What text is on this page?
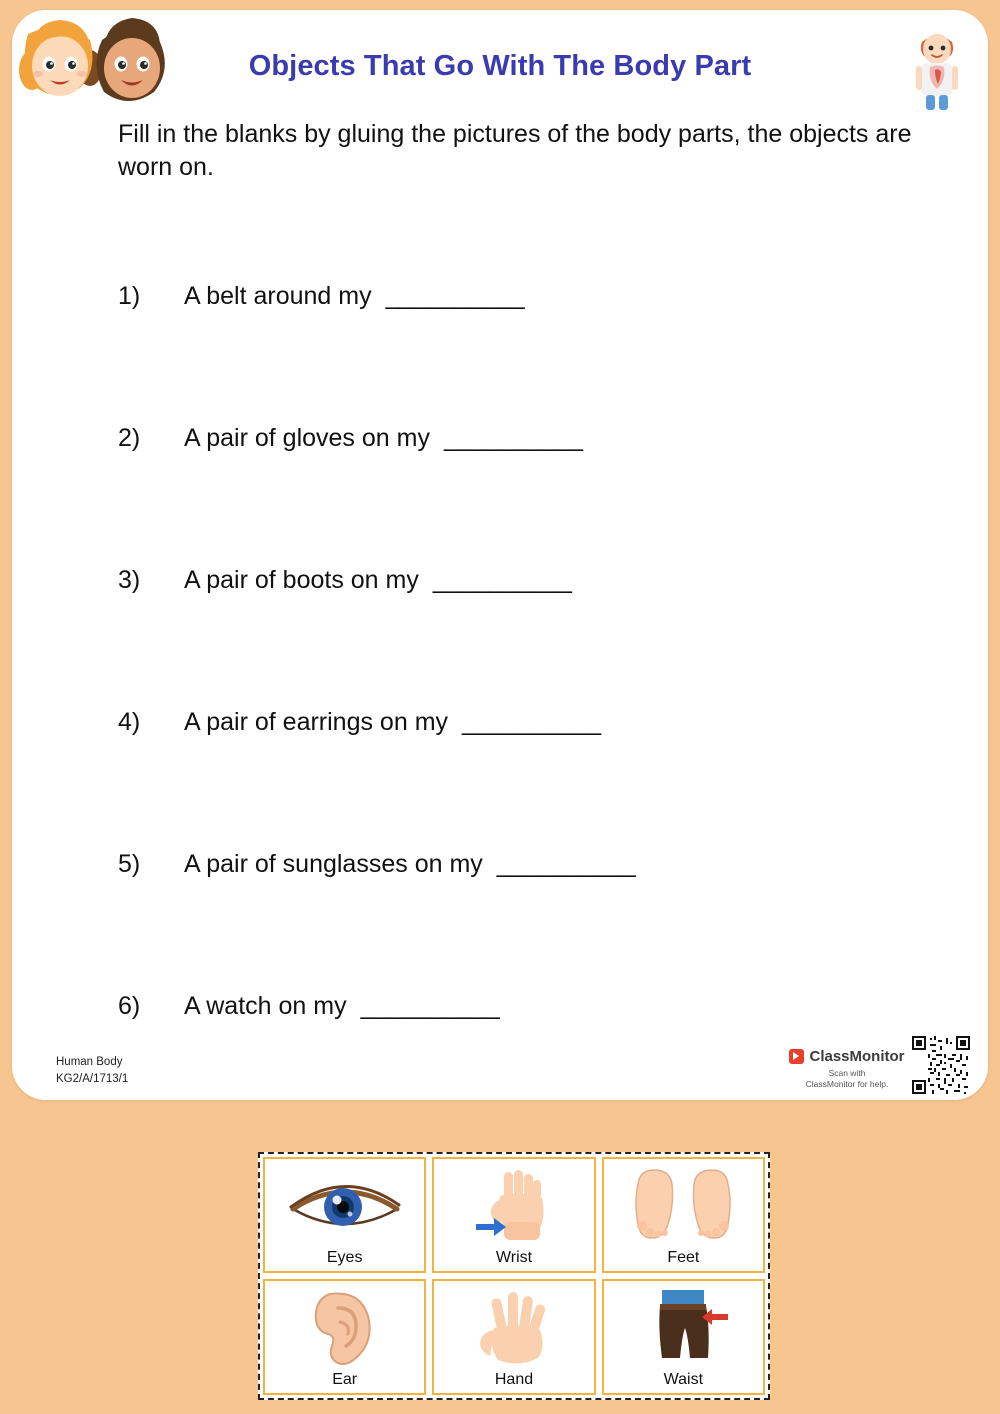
Objects That Go With The Body Part
Fill in the blanks by gluing the pictures of the body parts, the objects are worn on.
1)	A belt around my __________
2)	A pair of gloves on my __________
3)	A pair of boots on my __________
4)	A pair of earrings on my __________
5)	A pair of sunglasses on my __________
6)	A watch on my __________
Human Body
KG2/A/1713/1
ClassMonitor
Scan with
ClassMonitor for help.
Eyes	Wrist	Feet
Ear	Hand	Waist
